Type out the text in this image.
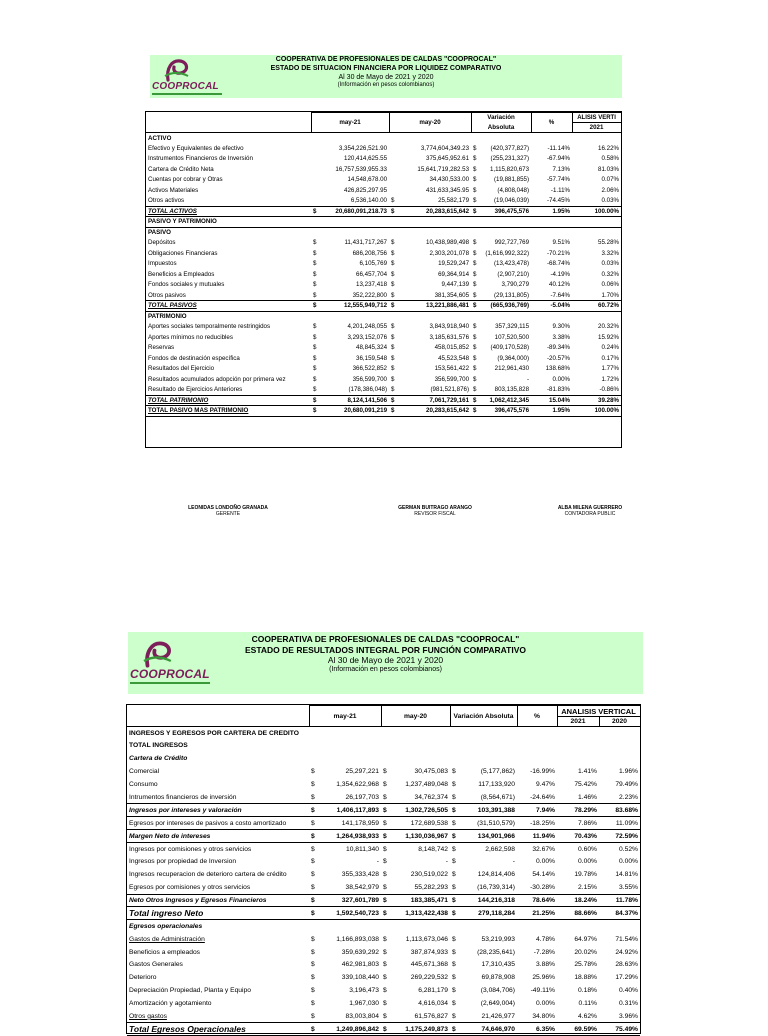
COOPERATIVA DE PROFESIONALES DE CALDAS "COOPROCAL"
ESTADO DE SITUACION FINANCIERA POR LIQUIDEZ COMPARATIVO
Al 30 de Mayo de 2021 y 2020
(Información en pesos colombianos)
COOPROCAL
	may-21		may-20		Variación		%	ALISIS VERTI
					Absoluta			2021
ACTIVO								
Efectivo y Equivalentes de efectivo		3,354,226,521.90		3,774,604,349.23	$	(420,377,827)	-11.14%	16.22%
Instrumentos Financieros de Inversión		120,414,625.55		375,645,952.61	$	(255,231,327)	-67.94%	0.58%
Cartera de Crédito Neta		16,757,539,955.33		15,641,719,282.53	$	1,115,820,673	7.13%	81.03%
Cuentas por cobrar y Otras		14,548,678.00		34,430,533.00	$	(19,881,855)	-57.74%	0.07%
Activos Materiales		426,825,297.95		431,633,345.95	$	(4,808,048)	-1.11%	2.06%
Otros activos		6,536,140.00	$	25,582,179	$	(19,046,039)	-74.45%	0.03%
TOTAL ACTIVOS	$	20,680,091,218.73	$	20,283,615,642	$	396,475,576	1.95%	100.00%
PASIVO Y PATRIMONIO								
PASIVO								
Depósitos	$	11,431,717,267	$	10,438,989,498	$	992,727,769	9.51%	55.28%
Obligaciones Financieras	$	686,208,756	$	2,303,201,078	$	(1,616,992,322)	-70.21%	3.32%
Impuestos	$	6,105,769	$	19,529,247	$	(13,423,478)	-68.74%	0.03%
Beneficios a Empleados	$	66,457,704	$	69,364,914	$	(2,907,210)	-4.19%	0.32%
Fondos sociales y mutuales	$	13,237,418	$	9,447,139	$	3,790,279	40.12%	0.06%
Otros pasivos	$	352,222,800	$	381,354,605	$	(29,131,805)	-7.64%	1.70%
TOTAL PASIVOS	$	12,555,949,712	$	13,221,886,481	$	(665,936,769)	-5.04%	60.72%
PATRIMONIO								
Aportes sociales temporalmente restringidos	$	4,201,248,055	$	3,843,918,940	$	357,329,115	9.30%	20.32%
Aportes mínimos no reducibles	$	3,293,152,076	$	3,185,631,576	$	107,520,500	3.38%	15.92%
Reservas	$	48,845,324	$	458,015,852	$	(409,170,528)	-89.34%	0.24%
Fondos de destinación específica	$	36,159,548	$	45,523,548	$	(9,364,000)	-20.57%	0.17%
Resultados del Ejercicio	$	366,522,852	$	153,561,422	$	212,961,430	138.68%	1.77%
Resultados acumulados adopción por primera vez	$	356,599,700	$	356,599,700	$	-	0.00%	1.72%
Resultado de Ejercicios Anteriores	$	(178,386,048)	$	(981,521,876)	$	803,135,828	-81.83%	-0.86%
TOTAL PATRIMONIO	$	8,124,141,506	$	7,061,729,161	$	1,062,412,345	15.04%	39.28%
TOTAL PASIVO MAS PATRIMONIO	$	20,680,091,219	$	20,283,615,642	$	396,475,576	1.95%	100.00%
LEONIDAS LONDOÑO GRANADA
GERENTE
GERMAN BUITRAGO ARANGO
REVISOR FISCAL
ALBA MILENA GUERRERO
CONTADORA PUBLIC
COOPERATIVA DE PROFESIONALES DE CALDAS "COOPROCAL"
ESTADO DE RESULTADOS INTEGRAL POR FUNCIÓN COMPARATIVO
Al 30 de Mayo de 2021 y 2020
(Información en pesos colombianos)
COOPROCAL
	may-21		may-20		Variación Absoluta		%	ANALISIS VERTICAL	
								2021	2020
INGRESOS Y EGRESOS POR CARTERA DE CREDITO									
TOTAL INGRESOS									
Cartera de Crédito									
Comercial	$	25,297,221	$	30,475,083	$	(5,177,862)	-16.99%	1.41%	1.96%
Consumo	$	1,354,622,968	$	1,237,489,048	$	117,133,920	9.47%	75.42%	79.49%
Intrumentos financieros de inversión	$	26,197,703	$	34,762,374	$	(8,564,671)	-24.64%	1.46%	2.23%
Ingresos por intereses y valoración	$	1,406,117,893	$	1,302,726,505	$	103,391,388	7.94%	78.29%	83.68%
Egresos por intereses de pasivos a costo amortizado	$	141,178,959	$	172,689,538	$	(31,510,579)	-18.25%	7.86%	11.09%
Margen Neto de intereses	$	1,264,938,933	$	1,130,036,967	$	134,901,966	11.94%	70.43%	72.59%
Ingresos por comisiones y otros servicios	$	10,811,340	$	8,148,742	$	2,662,598	32.67%	0.60%	0.52%
Ingresos por propiedad de Inversion	$	-	$	-	$	-	0.00%	0.00%	0.00%
Ingresos recuperacion de deterioro cartera de crédito	$	355,333,428	$	230,519,022	$	124,814,406	54.14%	19.78%	14.81%
Egresos por comisiones y otros servicios	$	38,542,979	$	55,282,293	$	(16,739,314)	-30.28%	2.15%	3.55%
Neto Otros Ingresos y Egresos Financieros	$	327,601,789	$	183,385,471	$	144,216,318	78.64%	18.24%	11.78%
Total ingreso Neto	$	1,592,540,723	$	1,313,422,438	$	279,118,284	21.25%	88.66%	84.37%
Egresos operacionales									
Gastos de Administración	$	1,166,893,038	$	1,113,673,046	$	53,219,993	4.78%	64.97%	71.54%
Beneficios a empleados	$	359,639,292	$	387,874,933	$	(28,235,641)	-7.28%	20.02%	24.92%
Gastos Generales	$	462,981,803	$	445,671,368	$	17,310,435	3.88%	25.78%	28.63%
Deterioro	$	339,108,440	$	269,229,532	$	69,878,908	25.96%	18.88%	17.29%
Depreciación Propiedad, Planta y Equipo	$	3,196,473	$	6,281,179	$	(3,084,706)	-49.11%	0.18%	0.40%
Amortización y agotamiento	$	1,967,030	$	4,616,034	$	(2,649,004)	0.00%	0.11%	0.31%
Otros gastos	$	83,003,804	$	61,576,827	$	21,426,977	34.80%	4.62%	3.96%
Total Egresos Operacionales	$	1,249,896,842	$	1,175,249,873	$	74,646,970	6.35%	69.59%	75.49%
